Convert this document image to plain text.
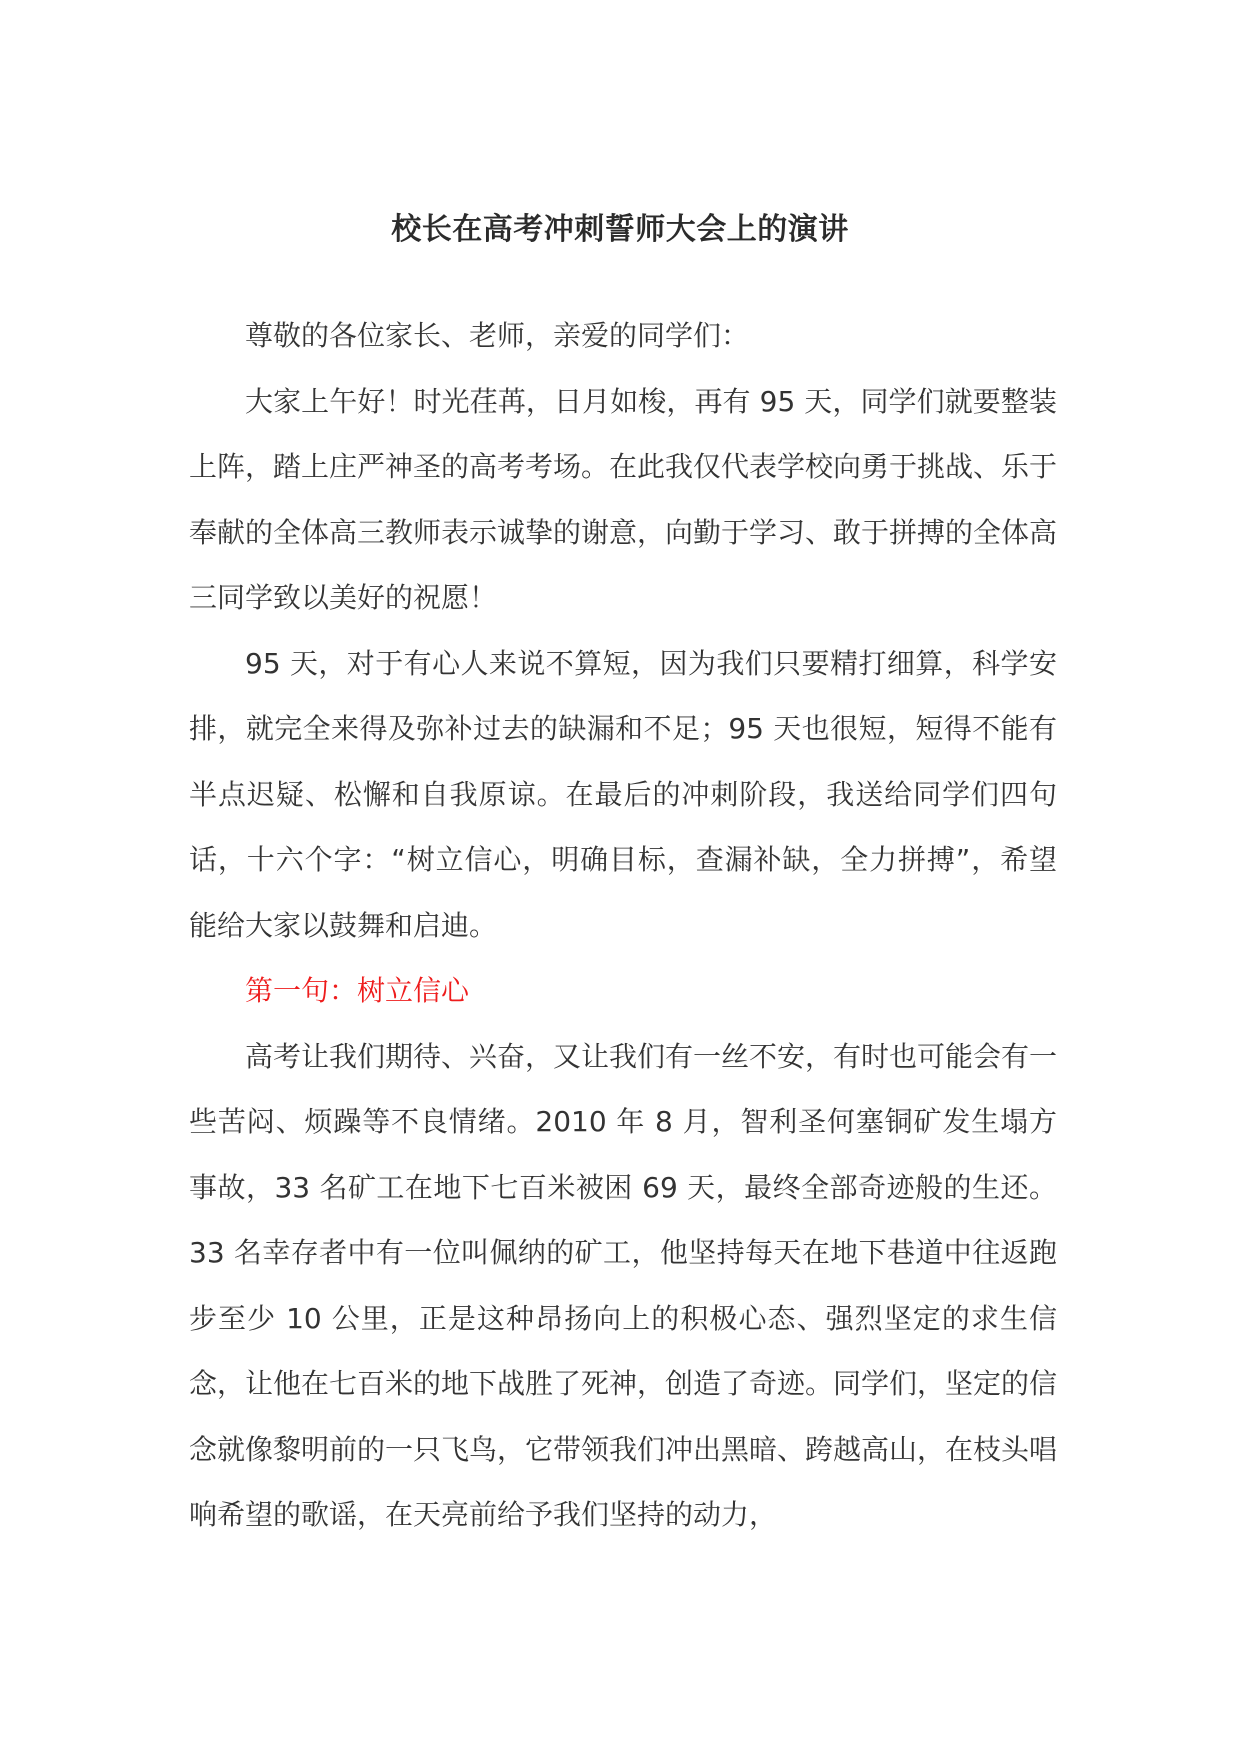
校长在高考冲刺誓师大会上的演讲

尊敬的各位家长、老师，亲爱的同学们：

大家上午好！时光荏苒，日月如梭，再有 95 天，同学们就要整装上阵，踏上庄严神圣的高考考场。在此我仅代表学校向勇于挑战、乐于奉献的全体高三教师表示诚挚的谢意，向勤于学习、敢于拼搏的全体高三同学致以美好的祝愿！

95 天，对于有心人来说不算短，因为我们只要精打细算，科学安排，就完全来得及弥补过去的缺漏和不足；95 天也很短，短得不能有半点迟疑、松懈和自我原谅。在最后的冲刺阶段，我送给同学们四句话，十六个字：“树立信心，明确目标，查漏补缺，全力拼搏”，希望能给大家以鼓舞和启迪。

第一句：树立信心

高考让我们期待、兴奋，又让我们有一丝不安，有时也可能会有一些苦闷、烦躁等不良情绪。2010 年 8 月，智利圣何塞铜矿发生塌方事故，33 名矿工在地下七百米被困 69 天，最终全部奇迹般的生还。33 名幸存者中有一位叫佩纳的矿工，他坚持每天在地下巷道中往返跑步至少 10 公里，正是这种昂扬向上的积极心态、强烈坚定的求生信念，让他在七百米的地下战胜了死神，创造了奇迹。同学们，坚定的信念就像黎明前的一只飞鸟，它带领我们冲出黑暗、跨越高山，在枝头唱响希望的歌谣，在天亮前给予我们坚持的动力，
